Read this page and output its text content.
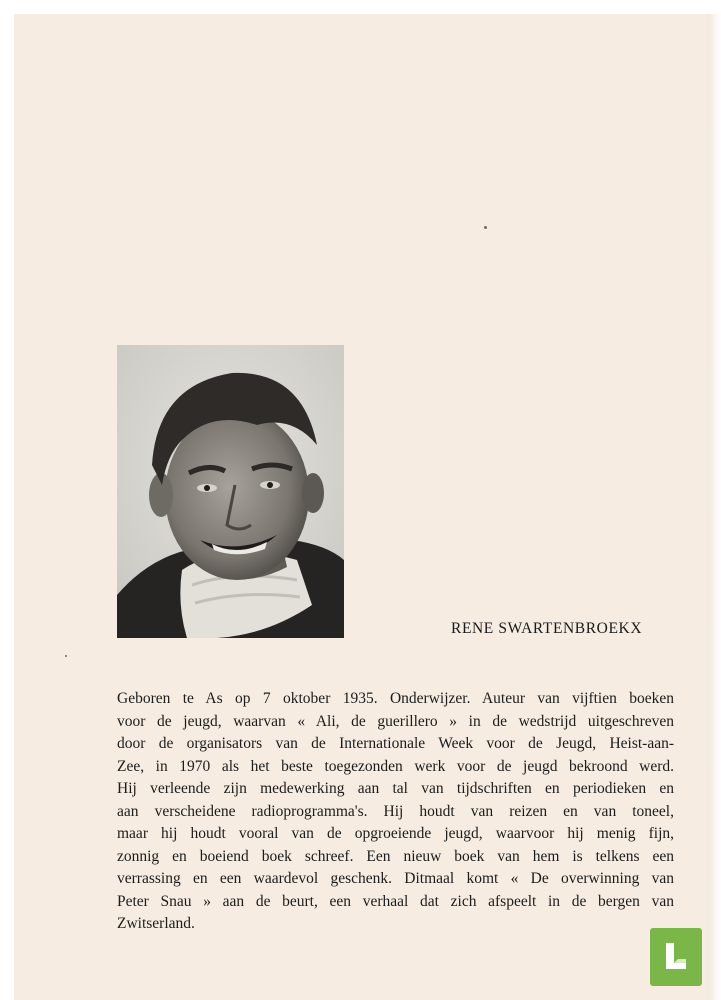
RENE SWARTENBROEKX
Geboren te As op 7 oktober 1935. Onderwijzer. Auteur van vijftien boeken
voor de jeugd, waarvan « Ali, de guerillero » in de wedstrijd uitgeschreven
door de organisators van de Internationale Week voor de Jeugd, Heist-aan-
Zee, in 1970 als het beste toegezonden werk voor de jeugd bekroond werd.
Hij verleende zijn medewerking aan tal van tijdschriften en periodieken en
aan verscheidene radioprogramma's. Hij houdt van reizen en van toneel,
maar hij houdt vooral van de opgroeiende jeugd, waarvoor hij menig fijn,
zonnig en boeiend boek schreef. Een nieuw boek van hem is telkens een
verrassing en een waardevol geschenk. Ditmaal komt « De overwinning van
Peter Snau » aan de beurt, een verhaal dat zich afspeelt in de bergen van
Zwitserland.
